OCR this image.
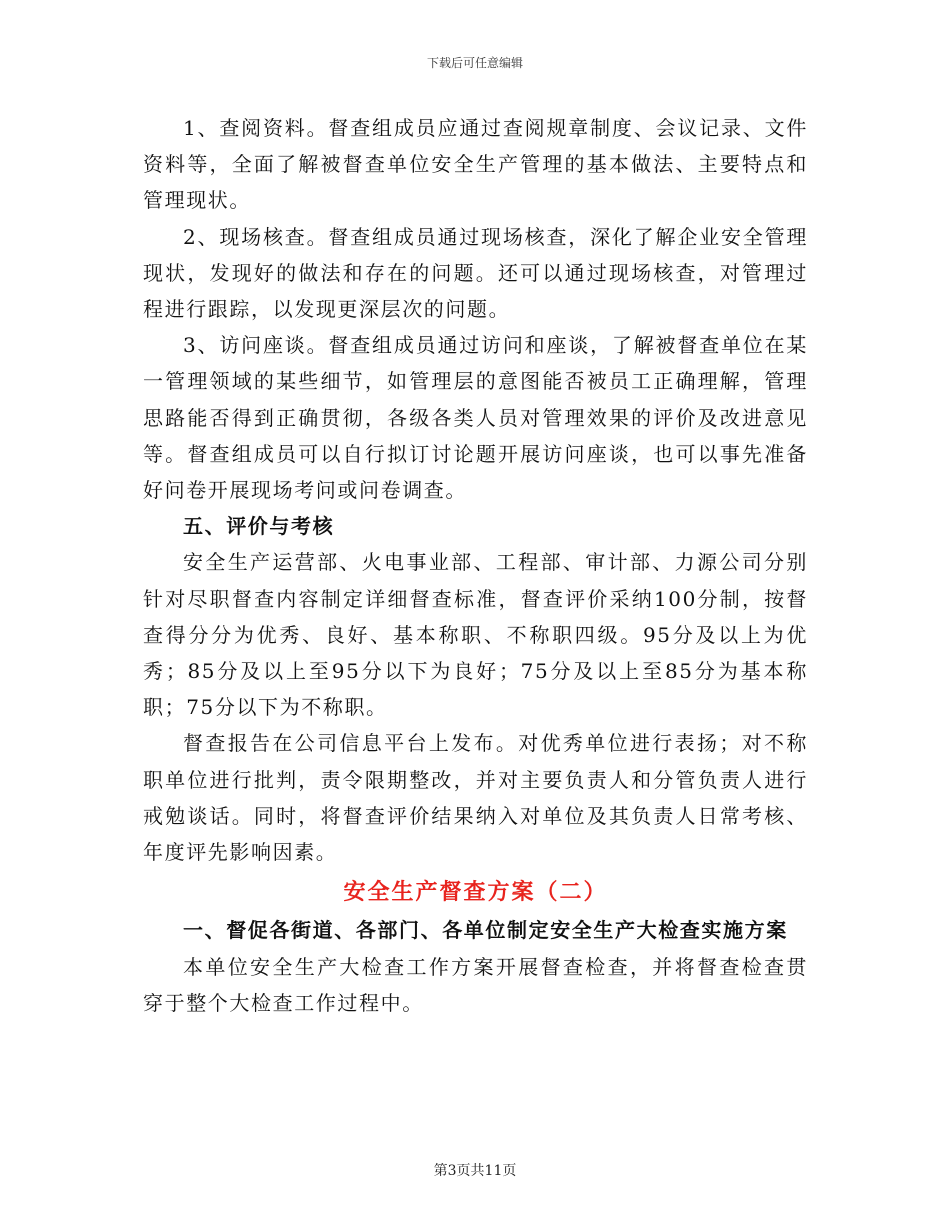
下载后可任意编辑

1、查阅资料。督查组成员应通过查阅规章制度、会议记录、文件资料等，全面了解被督查单位安全生产管理的基本做法、主要特点和管理现状。

2、现场核查。督查组成员通过现场核查，深化了解企业安全管理现状，发现好的做法和存在的问题。还可以通过现场核查，对管理过程进行跟踪，以发现更深层次的问题。

3、访问座谈。督查组成员通过访问和座谈，了解被督查单位在某一管理领域的某些细节，如管理层的意图能否被员工正确理解，管理思路能否得到正确贯彻，各级各类人员对管理效果的评价及改进意见等。督查组成员可以自行拟订讨论题开展访问座谈，也可以事先准备好问卷开展现场考问或问卷调查。

五、评价与考核

安全生产运营部、火电事业部、工程部、审计部、力源公司分别针对尽职督查内容制定详细督查标准，督查评价采纳100分制，按督查得分分为优秀、良好、基本称职、不称职四级。95分及以上为优秀；85分及以上至95分以下为良好；75分及以上至85分为基本称职；75分以下为不称职。

督查报告在公司信息平台上发布。对优秀单位进行表扬；对不称职单位进行批判，责令限期整改，并对主要负责人和分管负责人进行戒勉谈话。同时，将督查评价结果纳入对单位及其负责人日常考核、年度评先影响因素。

安全生产督查方案（二）

一、督促各街道、各部门、各单位制定安全生产大检查实施方案

本单位安全生产大检查工作方案开展督查检查，并将督查检查贯穿于整个大检查工作过程中。

第3页共11页
